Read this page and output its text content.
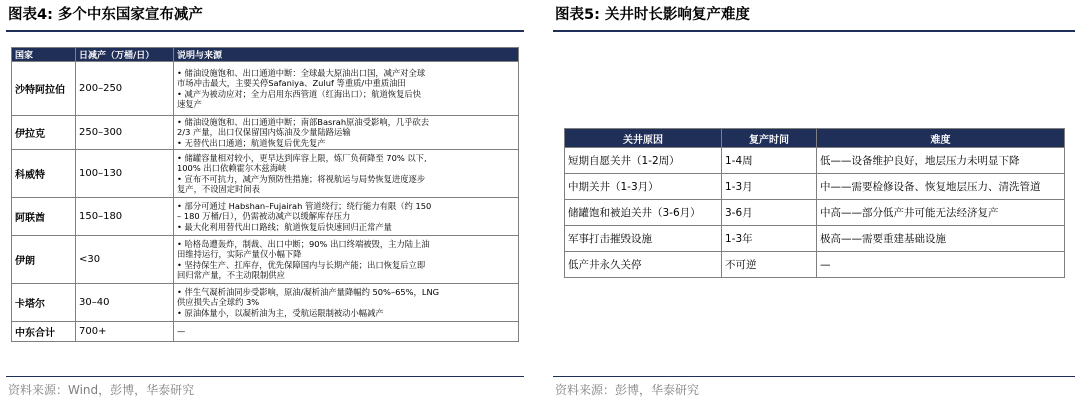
图表4: 多个中东国家宣布减产
国家	日减产（万桶/日）	说明与来源
沙特阿拉伯	200–250	• 储油设施饱和、出口通道中断：全球最大原油出口国，减产对全球
市场冲击最大，主要关停Safaniya、Zuluf 等重质/中重质油田
• 减产为被动应对；全力启用东西管道（红海出口）；航道恢复后快
速复产

伊拉克	250–300	• 储油设施饱和、出口通道中断；南部Basrah原油受影响，几乎砍去
2/3 产量，出口仅保留国内炼油及少量陆路运输
• 无替代出口通道；航道恢复后优先复产

科威特	100–130	• 储罐容量相对较小，更早达到库容上限，炼厂负荷降至 70% 以下,
100% 出口依赖霍尔木兹海峡
• 宣布不可抗力，减产为预防性措施；将视航运与局势恢复进度逐步
复产，不设固定时间表

阿联酋	150–180	• 部分可通过 Habshan–Fujairah 管道绕行；绕行能力有限（约 150
– 180 万桶/日），仍需被动减产以缓解库存压力
• 最大化利用替代出口路线；航道恢复后快速回归正常产量

伊朗	<30	• 哈格岛遭轰炸，制裁、出口中断；90% 出口终端被毁，主力陆上油
田维持运行，实际产量仅小幅下降
• 坚持保生产、扛库存，优先保障国内与长期产能；出口恢复后立即
回归常产量，不主动限制供应

卡塔尔	30–40	• 伴生气凝析油同步受影响，原油/凝析油产量降幅约 50%–65%，LNG
供应损失占全球约 3%
• 原油体量小，以凝析油为主，受航运限制被动小幅减产

中东合计	700+	—
资料来源：Wind，彭博，华泰研究
图表5: 关井时长影响复产难度
关井原因	复产时间	难度
短期自愿关井（1-2周）	1-4周	低——设备维护良好，地层压力未明显下降
中期关井（1-3月）	1-3月	中——需要检修设备、恢复地层压力、清洗管道
储罐饱和被迫关井（3-6月）	3-6月	中高——部分低产井可能无法经济复产
军事打击摧毁设施	1-3年	极高——需要重建基础设施
低产井永久关停	不可逆	—
资料来源：彭博，华泰研究
